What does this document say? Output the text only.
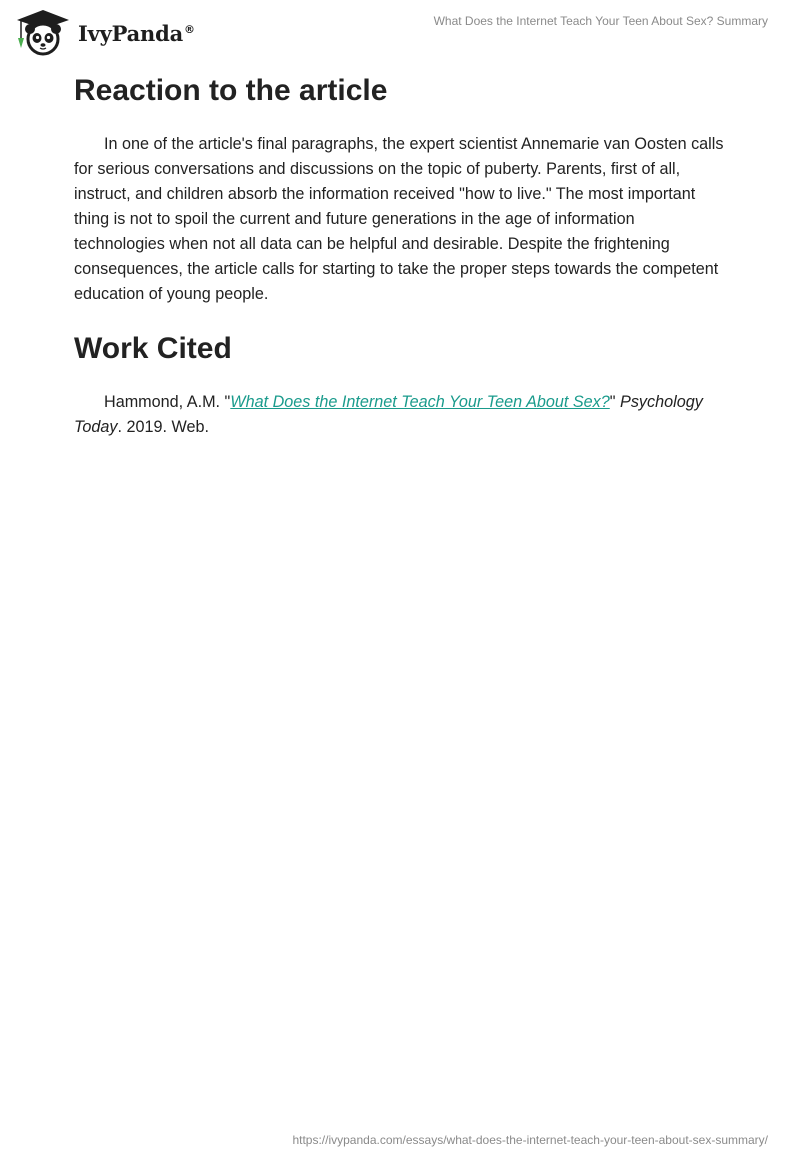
IvyPanda®
What Does the Internet Teach Your Teen About Sex? Summary
Reaction to the article

In one of the article's final paragraphs, the expert scientist Annemarie van Oosten calls for serious conversations and discussions on the topic of puberty. Parents, first of all, instruct, and children absorb the information received "how to live." The most important thing is not to spoil the current and future generations in the age of information technologies when not all data can be helpful and desirable. Despite the frightening consequences, the article calls for starting to take the proper steps towards the competent education of young people.

Work Cited

Hammond, A.M. "What Does the Internet Teach Your Teen About Sex?" Psychology Today. 2019. Web.

https://ivypanda.com/essays/what-does-the-internet-teach-your-teen-about-sex-summary/
